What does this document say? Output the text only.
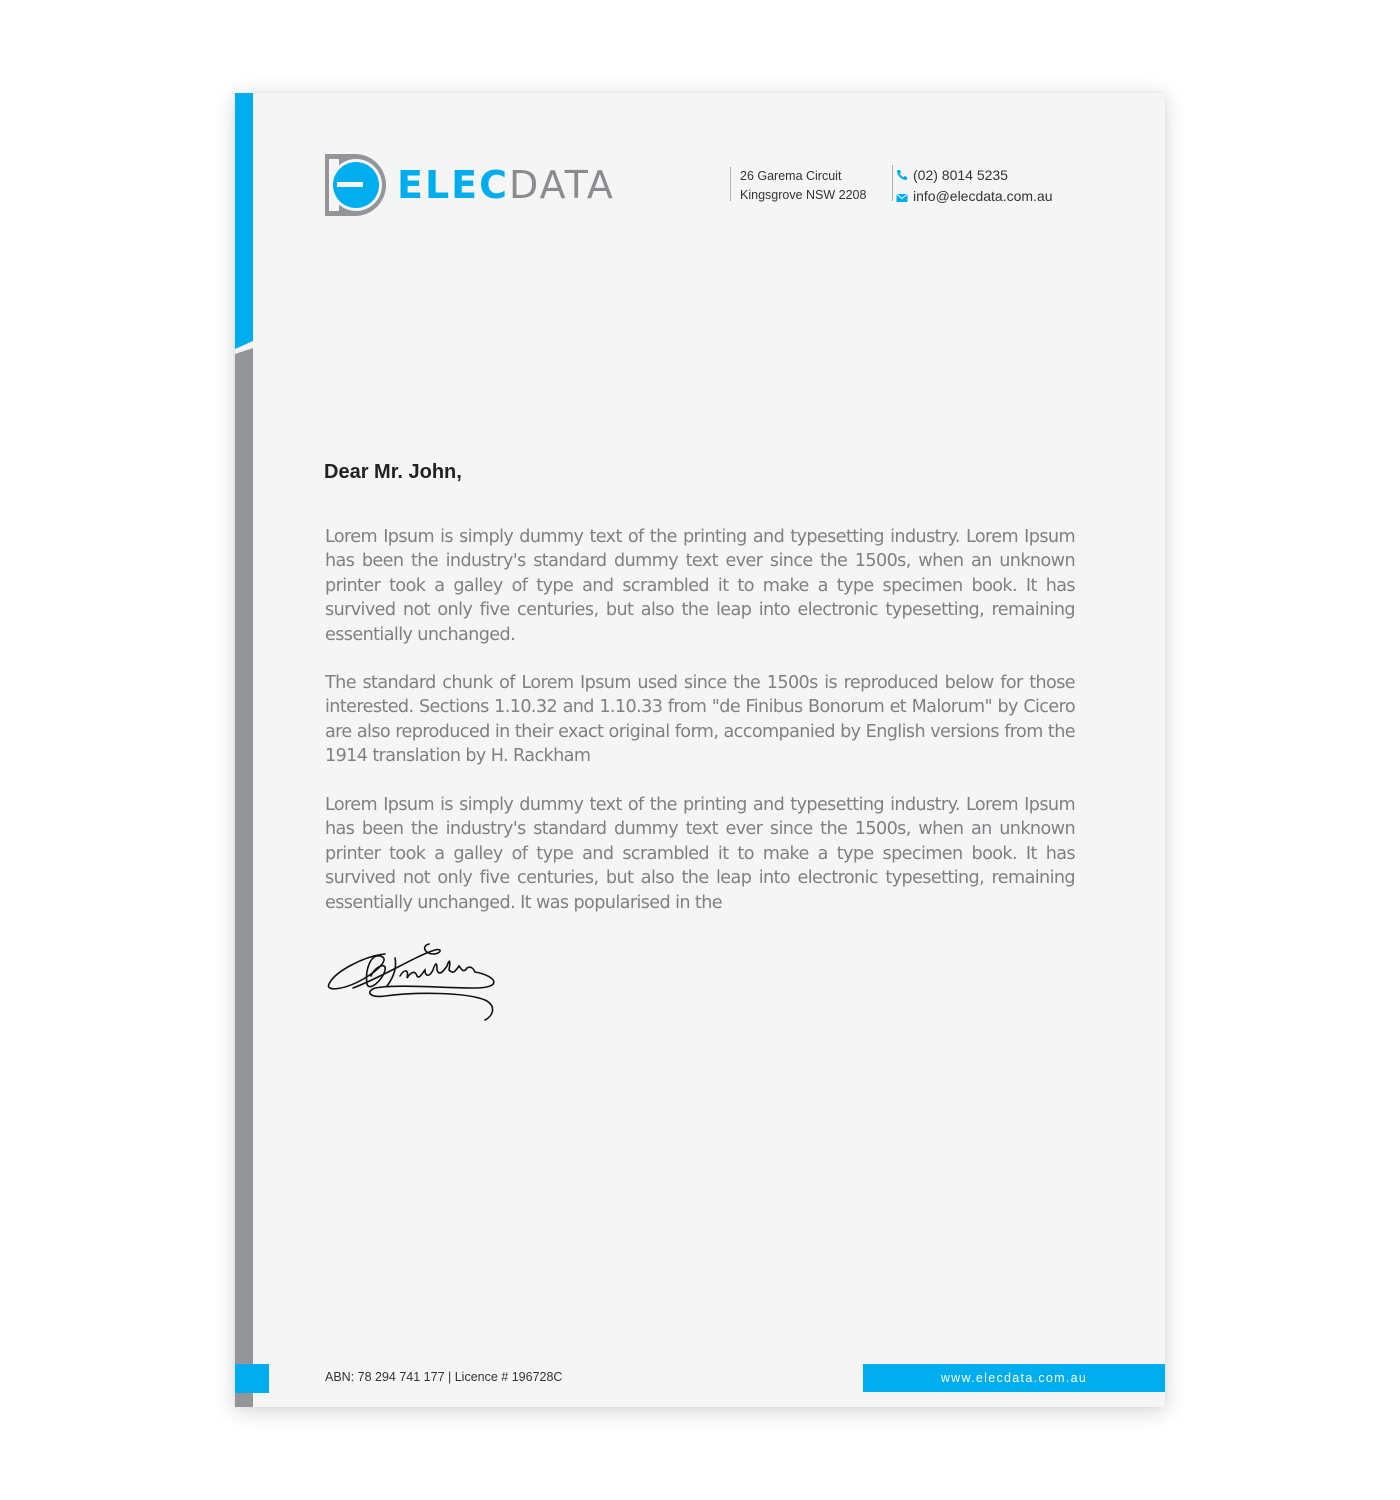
ELECDATA	26 Garema Circuit
Kingsgrove NSW 2208
(02) 8014 5235
info@elecdata.com.au
Dear Mr. John,
Lorem Ipsum is simply dummy text of the printing and typesetting industry. Lorem Ipsum has been the industry's standard dummy text ever since the 1500s, when an unknown printer took a galley of type and scrambled it to make a type specimen book. It has survived not only five centuries, but also the leap into electronic typesetting, remaining essentially unchanged.
The standard chunk of Lorem Ipsum used since the 1500s is reproduced below for those interested. Sections 1.10.32 and 1.10.33 from "de Finibus Bonorum et Malorum" by Cicero are also reproduced in their exact original form, accompanied by English versions from the 1914 translation by H. Rackham
Lorem Ipsum is simply dummy text of the printing and typesetting industry. Lorem Ipsum has been the industry's standard dummy text ever since the 1500s, when an unknown printer took a galley of type and scrambled it to make a type specimen book. It has survived not only five centuries, but also the leap into electronic typesetting, remaining essentially unchanged. It was popularised in the
ABN: 78 294 741 177 | Licence # 196728C	www.elecdata.com.au
